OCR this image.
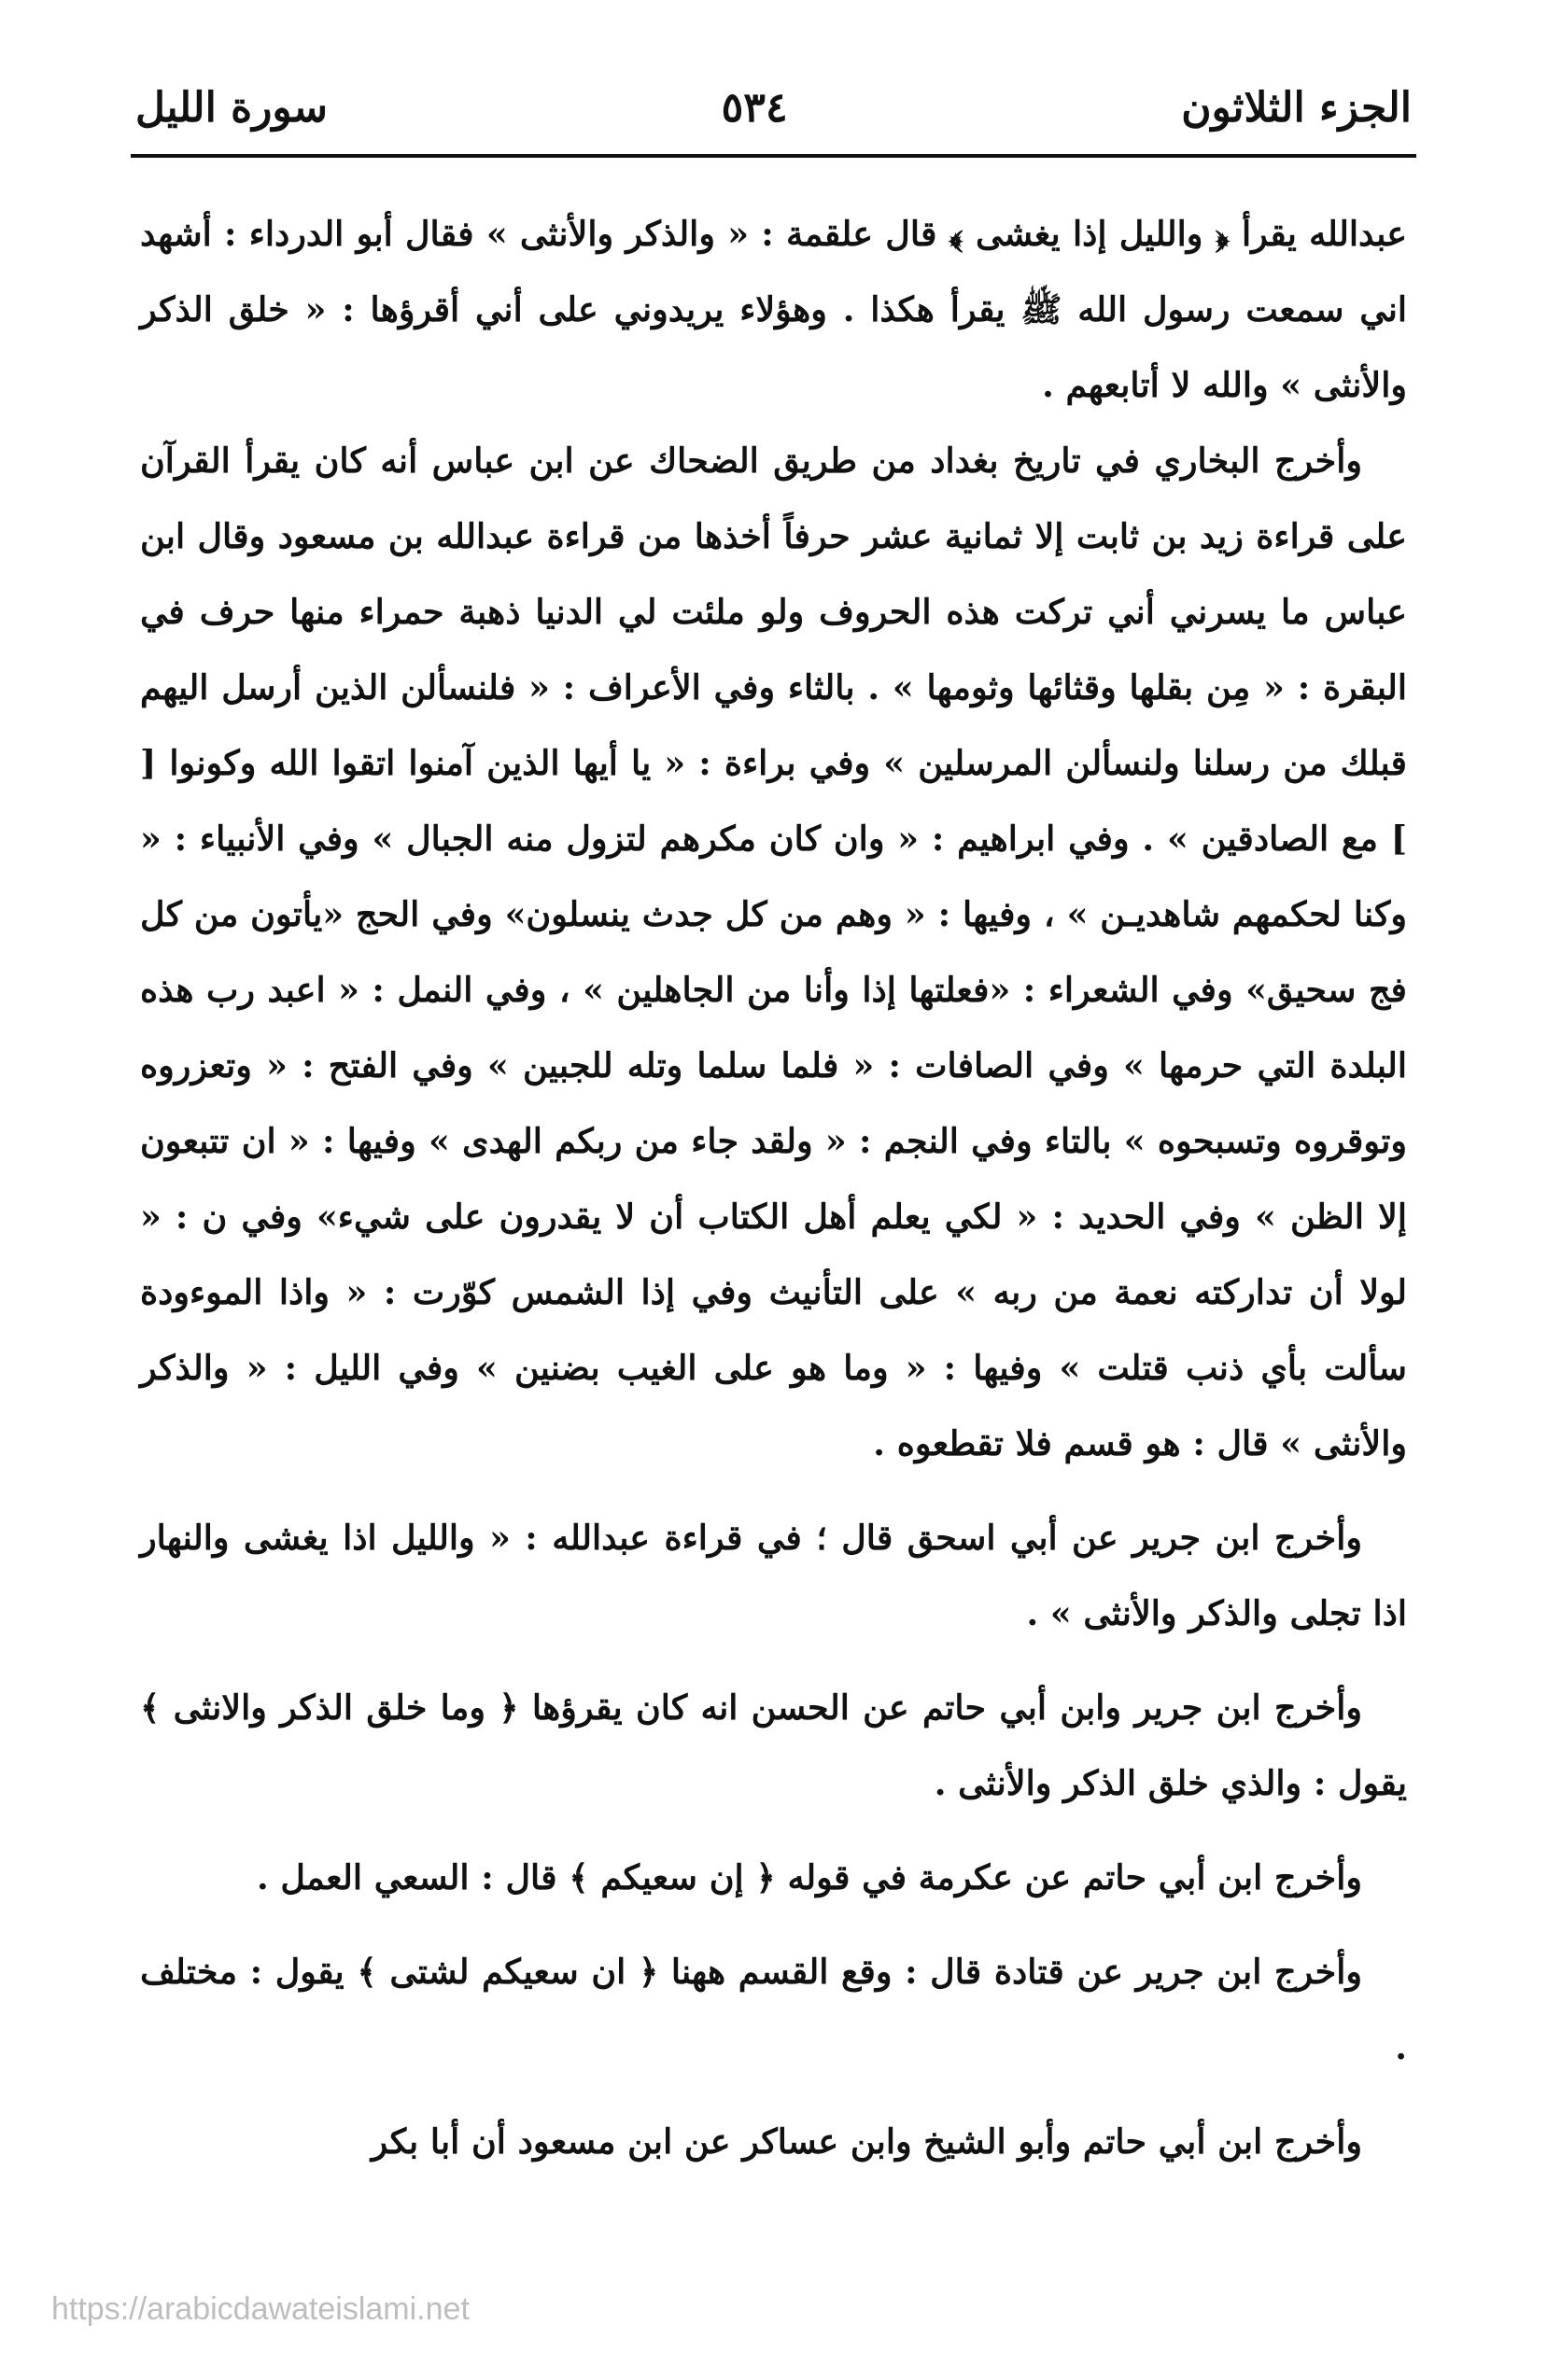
الجزء الثلاثون
٥٣٤
سورة الليل

عبدالله يقرأ ﴿ والليل إذا يغشى ﴾ قال علقمة : « والذكر والأنثى » فقال أبو الدرداء : أشهد اني سمعت رسول الله ﷺ يقرأ هكذا . وهؤلاء يريدوني على أني أقرؤها : « خلق الذكر والأنثى » والله لا أتابعهم .

وأخرج البخاري في تاريخ بغداد من طريق الضحاك عن ابن عباس أنه كان يقرأ القرآن على قراءة زيد بن ثابت إلا ثمانية عشر حرفاً أخذها من قراءة عبدالله بن مسعود وقال ابن عباس ما يسرني أني تركت هذه الحروف ولو ملئت لي الدنيا ذهبة حمراء منها حرف في البقرة : « مِن بقلها وقثائها وثومها » . بالثاء وفي الأعراف : « فلنسألن الذين أرسل اليهم قبلك من رسلنا ولنسألن المرسلين » وفي براءة : « يا أيها الذين آمنوا اتقوا الله وكونوا [ ] مع الصادقين » . وفي ابراهيم : « وان كان مكرهم لتزول منه الجبال » وفي الأنبياء : « وكنا لحكمهم شاهديـن » ، وفيها : « وهم من كل جدث ينسلون» وفي الحج «يأتون من كل فج سحيق» وفي الشعراء : «فعلتها إذا وأنا من الجاهلين » ، وفي النمل : « اعبد رب هذه البلدة التي حرمها » وفي الصافات : « فلما سلما وتله للجبين » وفي الفتح : « وتعزروه وتوقروه وتسبحوه » بالتاء وفي النجم : « ولقد جاء من ربكم الهدى » وفيها : « ان تتبعون إلا الظن » وفي الحديد : « لكي يعلم أهل الكتاب أن لا يقدرون على شيء» وفي ن : « لولا أن تداركته نعمة من ربه » على التأنيث وفي إذا الشمس كوّرت : « واذا الموءودة سألت بأي ذنب قتلت » وفيها : « وما هو على الغيب بضنين » وفي الليل : « والذكر والأنثى » قال : هو قسم فلا تقطعوه .

وأخرج ابن جرير عن أبي اسحق قال ؛ في قراءة عبدالله : « والليل اذا يغشى والنهار اذا تجلى والذكر والأنثى » .

وأخرج ابن جرير وابن أبي حاتم عن الحسن انه كان يقرؤها ﴿ وما خلق الذكر والانثى ﴾ يقول : والذي خلق الذكر والأنثى .

وأخرج ابن أبي حاتم عن عكرمة في قوله ﴿ إن سعيكم ﴾ قال : السعي العمل .

وأخرج ابن جرير عن قتادة قال : وقع القسم ههنا ﴿ ان سعيكم لشتى ﴾ يقول : مختلف .

وأخرج ابن أبي حاتم وأبو الشيخ وابن عساكر عن ابن مسعود أن أبا بكر

https://arabicdawateislami.net
